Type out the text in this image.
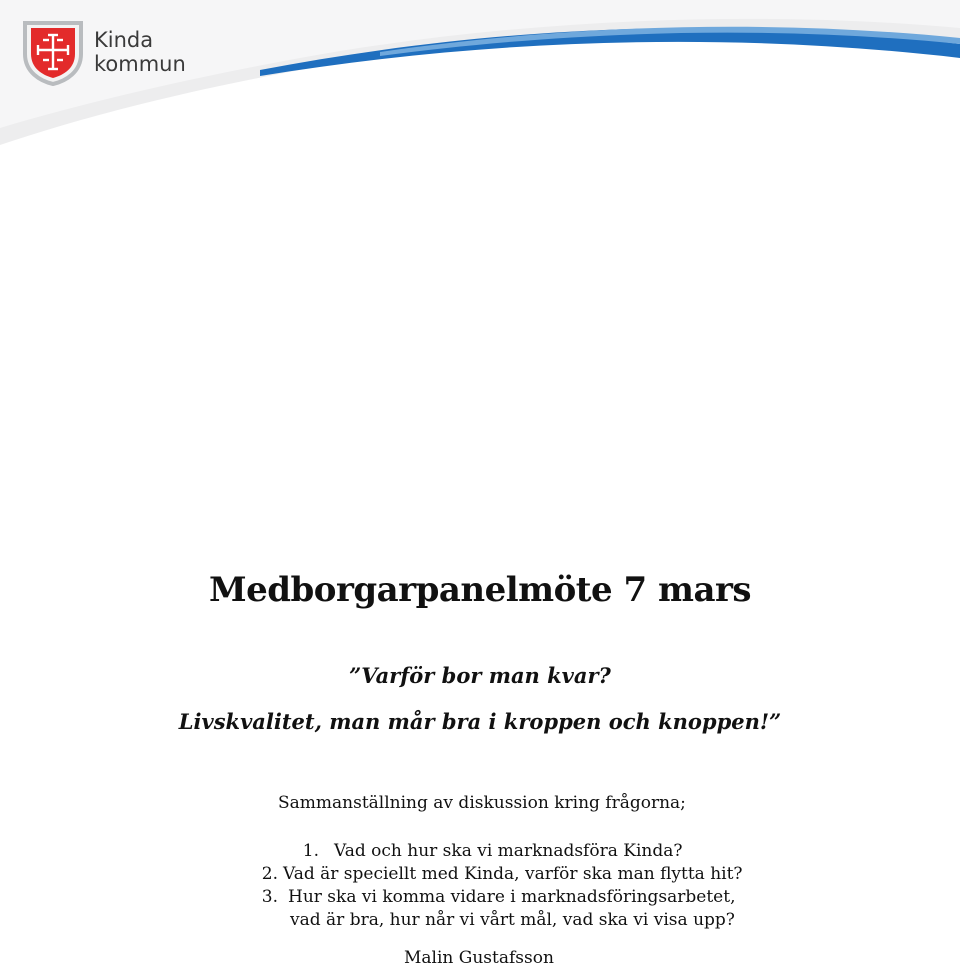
Kinda
kommun
Medborgarpanelmöte 7 mars

”Varför bor man kvar?

Livskvalitet, man mår bra i kroppen och knoppen!”

Sammanställning av diskussion kring frågorna;

1. Vad och hur ska vi marknadsföra Kinda?
2. Vad är speciellt med Kinda, varför ska man flytta hit?
3. Hur ska vi komma vidare i marknadsföringsarbetet,
vad är bra, hur når vi vårt mål, vad ska vi visa upp?

Malin Gustafsson
